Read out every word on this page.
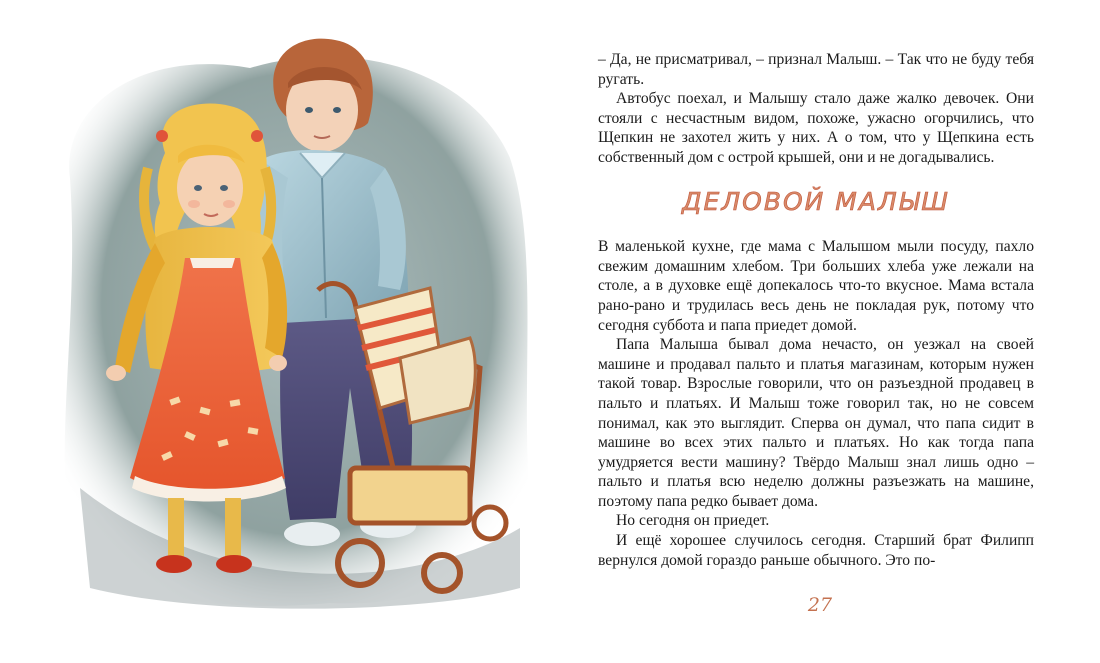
– Да, не присматривал, – признал Малыш. – Так что не буду тебя ругать.

Автобус поехал, и Малышу стало даже жалко девочек. Они стояли с несчастным видом, похоже, ужасно огорчились, что Щепкин не захотел жить у них. А о том, что у Щепкина есть собственный дом с острой крышей, они и не догадывались.

ДЕЛОВОЙ МАЛЫШ

В маленькой кухне, где мама с Малышом мыли посуду, пахло свежим домашним хлебом. Три больших хлеба уже лежали на столе, а в духовке ещё допекалось что-то вкусное. Мама встала рано-рано и трудилась весь день не покладая рук, потому что сегодня суббота и папа приедет домой.

Папа Малыша бывал дома нечасто, он уезжал на своей машине и продавал пальто и платья магазинам, которым нужен такой товар. Взрослые говорили, что он разъездной продавец в пальто и платьях. И Малыш тоже говорил так, но не совсем понимал, как это выглядит. Сперва он думал, что папа сидит в машине во всех этих пальто и платьях. Но как тогда папа умудряется вести машину? Твёрдо Малыш знал лишь одно – пальто и платья всю неделю должны разъезжать на машине, поэтому папа редко бывает дома.

Но сегодня он приедет.

И ещё хорошее случилось сегодня. Старший брат Филипп вернулся домой гораздо раньше обычного. Это по-

27
